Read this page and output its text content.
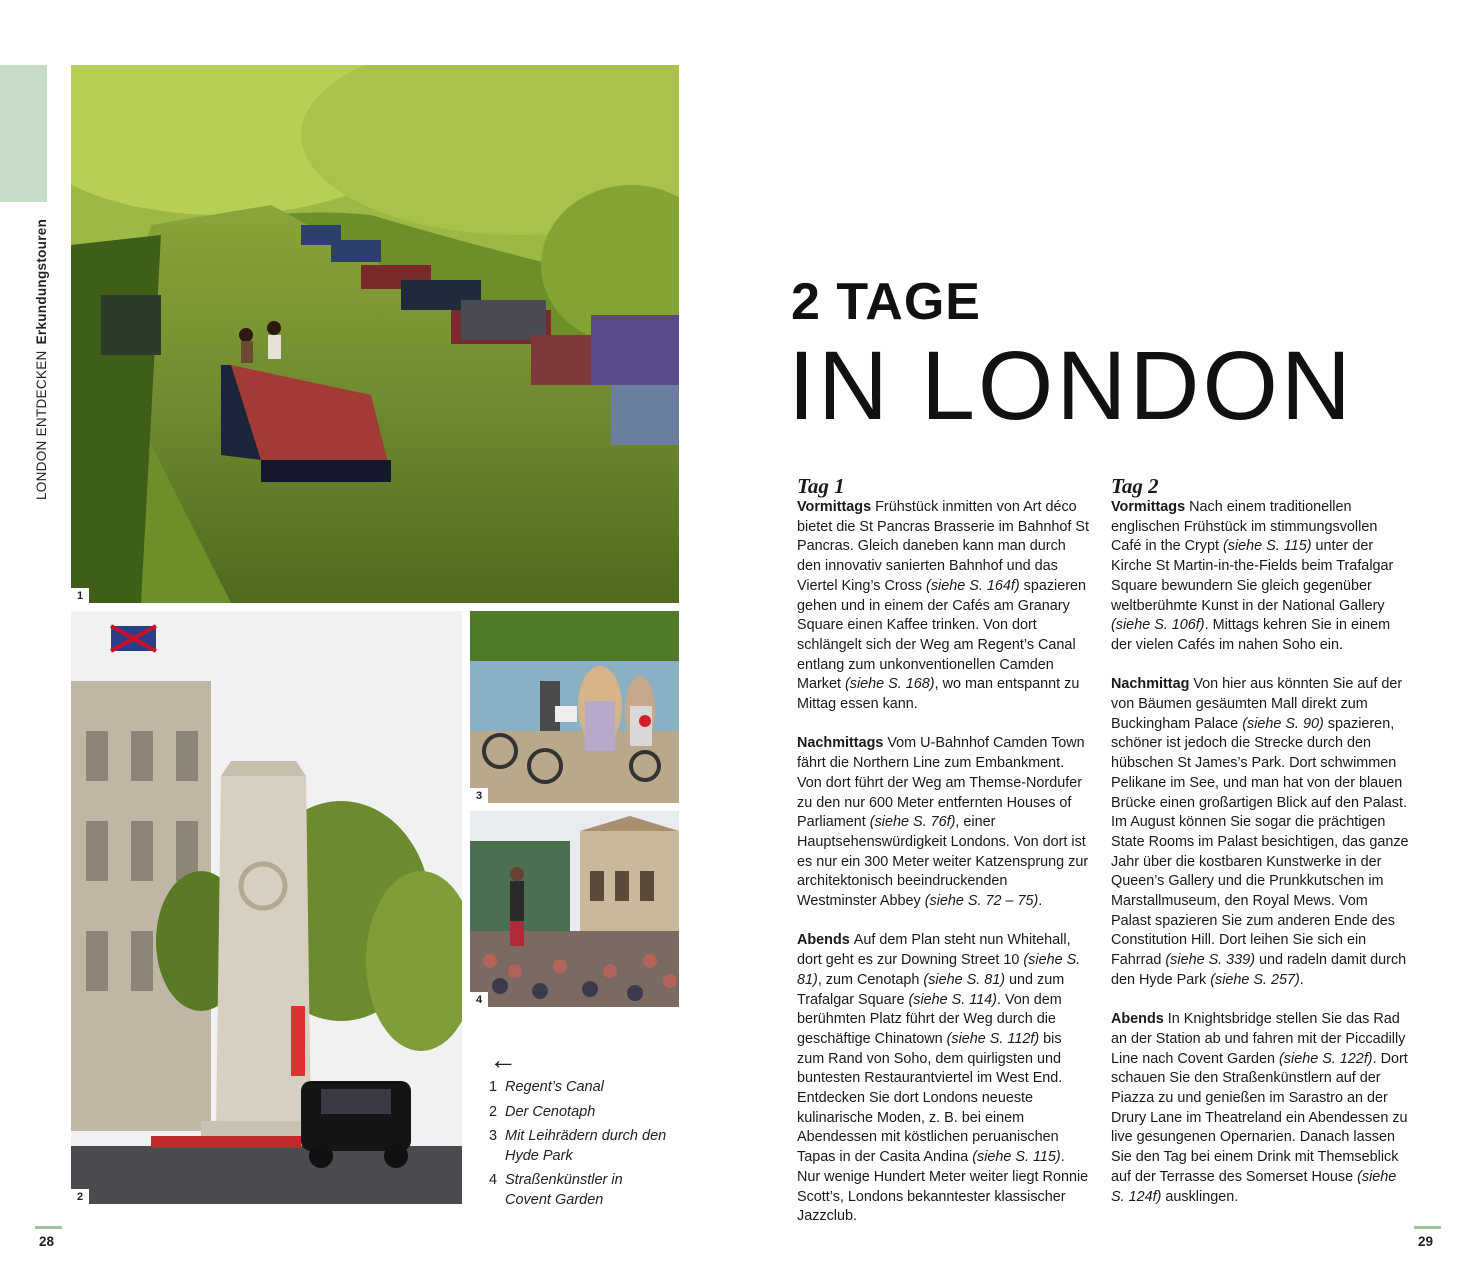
LONDON ENTDECKENErkundungstouren
1
2
3
4
←
1 Regent’s Canal
2 Der Cenotaph
3 Mit Leihrädern durch den Hyde Park
4 Straßenkünstler in Covent Garden
2 TAGE
IN LONDON
Tag 1

Vormittags Frühstück inmitten von Art déco bietet die St Pancras Brasserie im Bahnhof St Pancras. Gleich daneben kann man durch den innovativ sanierten Bahnhof und das Viertel King’s Cross (siehe S. 164f) spazieren gehen und in einem der Cafés am Granary Square einen Kaffee trinken. Von dort schlängelt sich der Weg am Regent’s Canal entlang zum unkonventionellen Camden Market (siehe S. 168), wo man entspannt zu Mittag essen kann.

Nachmittags Vom U-Bahnhof Camden Town fährt die Northern Line zum Embankment. Von dort führt der Weg am Themse-Nordufer zu den nur 600 Meter entfernten Houses of Parliament (siehe S. 76f), einer Hauptsehenswürdigkeit Londons. Von dort ist es nur ein 300 Meter weiter Katzensprung zur architektonisch beeindruckenden Westminster Abbey (siehe S. 72 – 75).

Abends Auf dem Plan steht nun Whitehall, dort geht es zur Downing Street 10 (siehe S. 81), zum Cenotaph (siehe S. 81) und zum Trafalgar Square (siehe S. 114). Von dem berühmten Platz führt der Weg durch die geschäftige Chinatown (siehe S. 112f) bis zum Rand von Soho, dem quirligsten und buntesten Restaurantviertel im West End. Entdecken Sie dort Londons neueste kulinarische Moden, z. B. bei einem Abendessen mit köstlichen peruanischen Tapas in der Casita Andina (siehe S. 115). Nur wenige Hundert Meter weiter liegt Ronnie Scott’s, Londons bekanntester klassischer Jazzclub.

Tag 2

Vormittags Nach einem traditionellen englischen Frühstück im stimmungsvollen Café in the Crypt (siehe S. 115) unter der Kirche St Martin-in-the-Fields beim Trafalgar Square bewundern Sie gleich gegenüber weltberühmte Kunst in der National Gallery (siehe S. 106f). Mittags kehren Sie in einem der vielen Cafés im nahen Soho ein.

Nachmittag Von hier aus könnten Sie auf der von Bäumen gesäumten Mall direkt zum Buckingham Palace (siehe S. 90) spazieren, schöner ist jedoch die Strecke durch den hübschen St James’s Park. Dort schwimmen Pelikane im See, und man hat von der blauen Brücke einen großartigen Blick auf den Palast. Im August können Sie sogar die prächtigen State Rooms im Palast besichtigen, das ganze Jahr über die kostbaren Kunstwerke in der Queen’s Gallery und die Prunkkutschen im Marstallmuseum, den Royal Mews. Vom Palast spazieren Sie zum anderen Ende des Constitution Hill. Dort leihen Sie sich ein Fahrrad (siehe S. 339) und radeln damit durch den Hyde Park (siehe S. 257).

Abends In Knightsbridge stellen Sie das Rad an der Station ab und fahren mit der Piccadilly Line nach Covent Garden (siehe S. 122f). Dort schauen Sie den Straßenkünstlern auf der Piazza zu und genießen im Sarastro an der Drury Lane im Theatreland ein Abendessen zu live gesungenen Opernarien. Danach lassen Sie den Tag bei einem Drink mit Themseblick auf der Terrasse des Somerset House (siehe S. 124f) ausklingen.

28	29
